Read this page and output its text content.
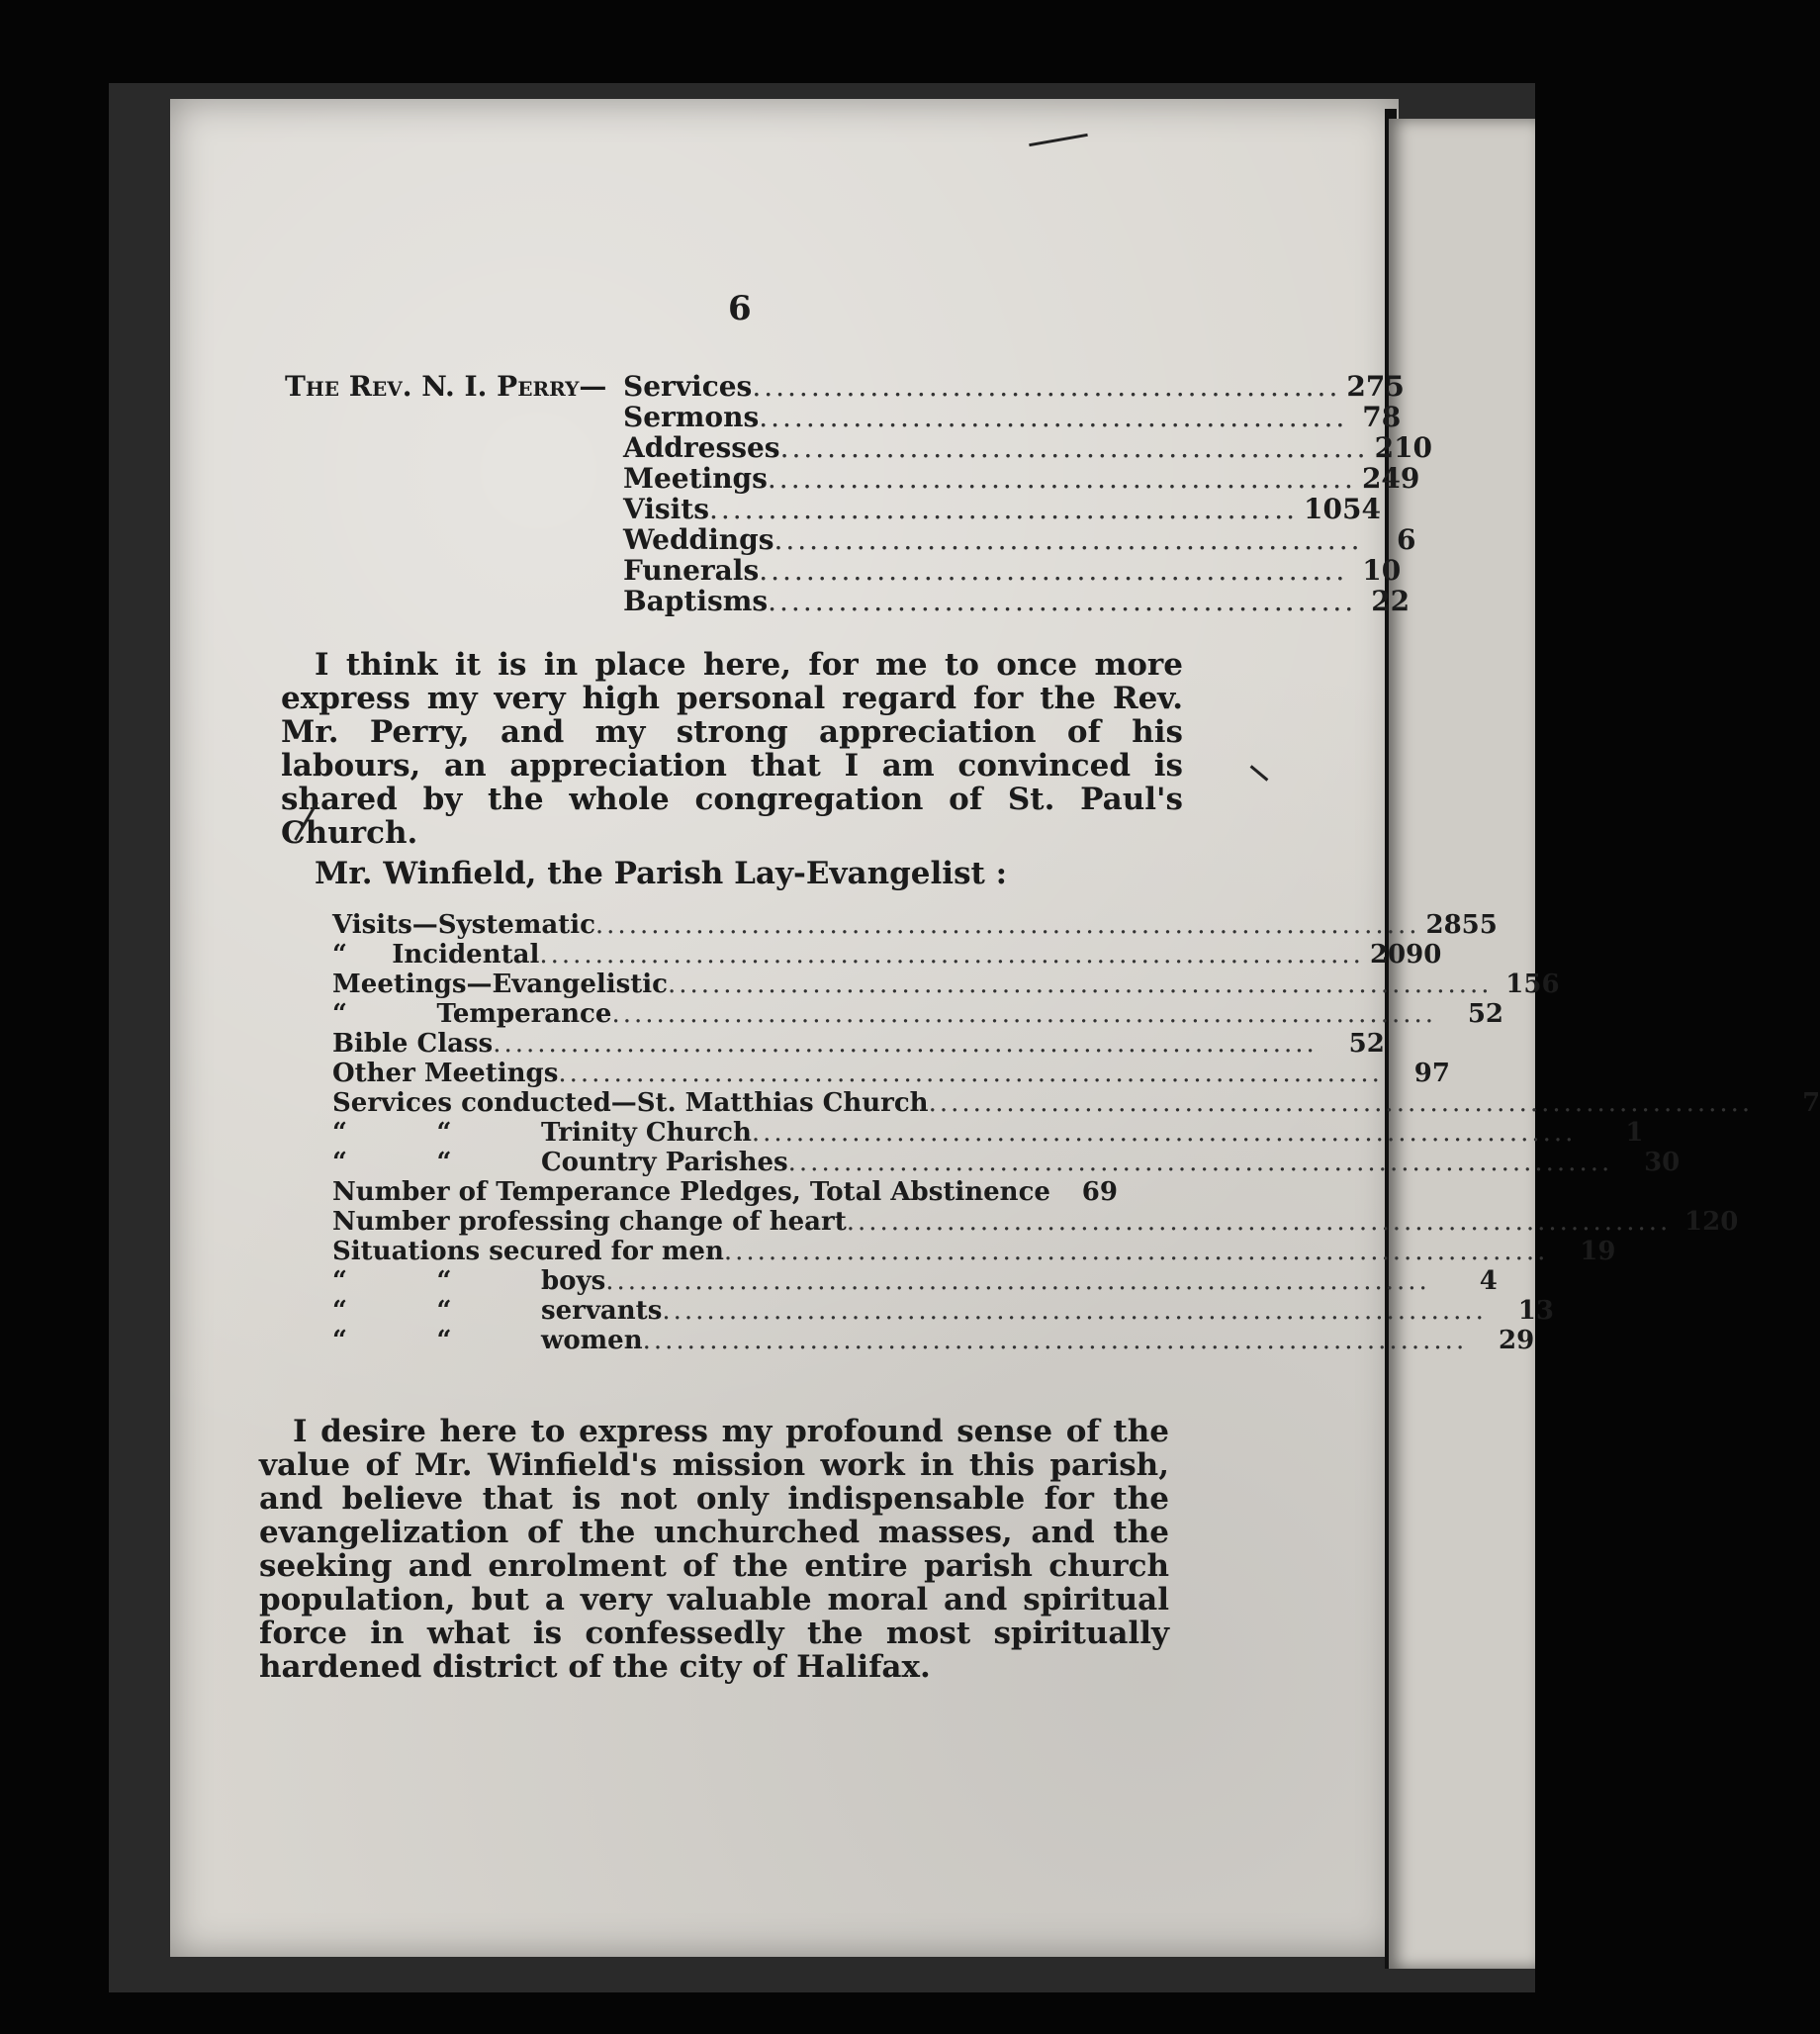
6
The Rev. N. I. Perry— Services .................................................. 275
Sermons .................................................. 78
Addresses .................................................. 210
Meetings .................................................. 249
Visits .................................................. 1054
Weddings ..................................................	6
Funerals .................................................. 10
Baptisms .................................................. 22
I think it is in place here, for me to once more express my very high personal regard for the Rev. Mr. Perry, and my strong appreciation of his labours, an appreciation that I am convinced is shared by the whole congregation of St. Paul's Church.
Mr. Winfield, the Parish Lay-Evangelist :
Visits—Systematic .......................................................................... 2855
“     Incidental .......................................................................... 2090
Meetings—Evangelistic .......................................................................... 156
“          Temperance ..........................................................................	52
Bible Class ..........................................................................	52
Other Meetings ..........................................................................	97
Services conducted—St. Matthias Church ..........................................................................	7
“          “          Trinity Church ..........................................................................	1
“          “          Country Parishes ..........................................................................	30
Number of Temperance Pledges, Total Abstinence	69
Number professing change of heart .......................................................................... 120
Situations secured for men ..........................................................................	19
“          “          boys ..........................................................................	4
“          “          servants ..........................................................................	13
“          “          women ..........................................................................	29
I desire here to express my profound sense of the value of Mr. Winfield's mission work in this parish, and believe that is not only indispensable for the evangelization of the unchurched masses, and the seeking and enrolment of the entire parish church population, but a very valuable moral and spiritual force in what is confessedly the most spiritually hardened district of the city of Halifax.
